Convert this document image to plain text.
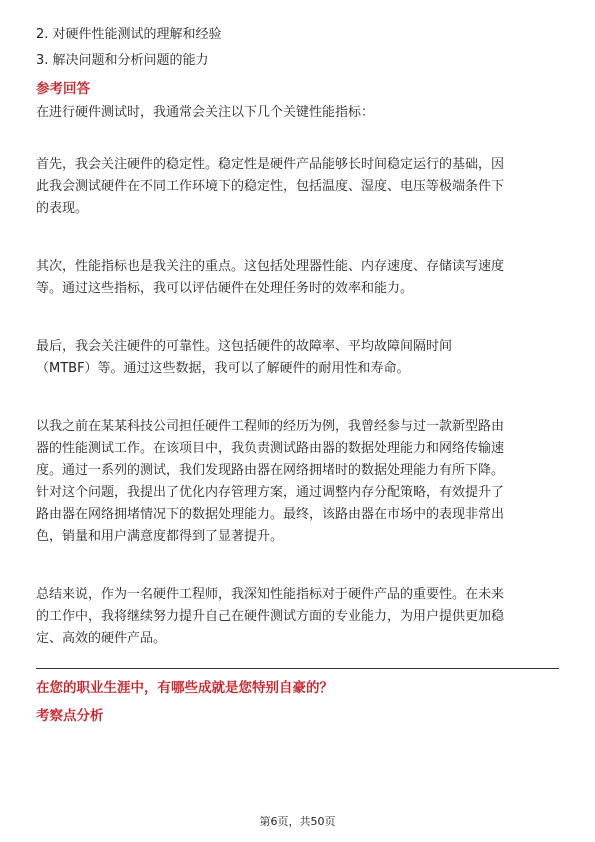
2. 对硬件性能测试的理解和经验

3. 解决问题和分析问题的能力

参考回答

在进行硬件测试时，我通常会关注以下几个关键性能指标：

首先，我会关注硬件的稳定性。稳定性是硬件产品能够长时间稳定运行的基础，因

此我会测试硬件在不同工作环境下的稳定性，包括温度、湿度、电压等极端条件下

的表现。

其次，性能指标也是我关注的重点。这包括处理器性能、内存速度、存储读写速度

等。通过这些指标，我可以评估硬件在处理任务时的效率和能力。

最后，我会关注硬件的可靠性。这包括硬件的故障率、平均故障间隔时间

（MTBF）等。通过这些数据，我可以了解硬件的耐用性和寿命。

以我之前在某某科技公司担任硬件工程师的经历为例，我曾经参与过一款新型路由

器的性能测试工作。在该项目中，我负责测试路由器的数据处理能力和网络传输速

度。通过一系列的测试，我们发现路由器在网络拥堵时的数据处理能力有所下降。

针对这个问题，我提出了优化内存管理方案，通过调整内存分配策略，有效提升了

路由器在网络拥堵情况下的数据处理能力。最终，该路由器在市场中的表现非常出

色，销量和用户满意度都得到了显著提升。

总结来说，作为一名硬件工程师，我深知性能指标对于硬件产品的重要性。在未来

的工作中，我将继续努力提升自己在硬件测试方面的专业能力，为用户提供更加稳

定、高效的硬件产品。

在您的职业生涯中，有哪些成就是您特别自豪的？

考察点分析

第6页，共50页
